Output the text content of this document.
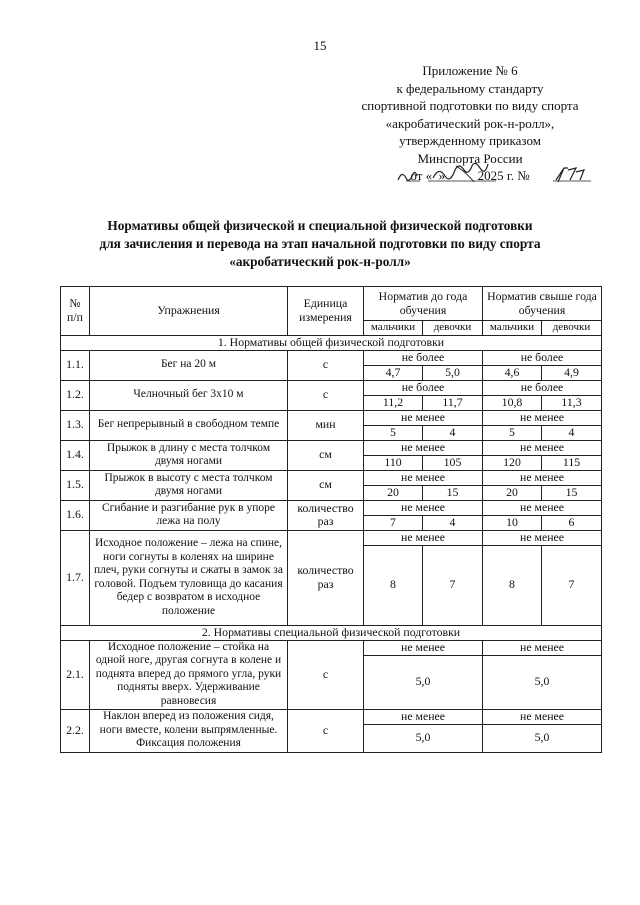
15
Приложение № 6
к федеральному стандарту
спортивной подготовки по виду спорта
«акробатический рок-н-ролл»,
утвержденному приказом
Минспорта России
от «  »          2025 г. №
Нормативы общей физической и специальной физической подготовки
для зачисления и перевода на этап начальной подготовки по виду спорта
«акробатический рок-н-ролл»
№
п/п	Упражнения	Единица измерения	Норматив до года обучения		Норматив свыше года обучения	
			мальчики	девочки	мальчики	девочки
1. Нормативы общей физической подготовки						
1.1.	Бег на 20 м	с	не более		не более	
			4,7	5,0	4,6	4,9
1.2.	Челночный бег 3х10 м	с	не более		не более	
			11,2	11,7	10,8	11,3
1.3.	Бег непрерывный в свободном темпе	мин	не менее		не менее	
			5	4	5	4
1.4.	Прыжок в длину с места толчком двумя ногами	см	не менее		не менее	
			110	105	120	115
1.5.	Прыжок в высоту с места толчком двумя ногами	см	не менее		не менее	
			20	15	20	15
1.6.	Сгибание и разгибание рук в упоре лежа на полу	количество раз	не менее		не менее	
			7	4	10	6
1.7.	Исходное положение – лежа на спине, ноги согнуты в коленях на ширине плеч, руки согнуты и сжаты в замок за головой. Подъем туловища до касания бедер с возвратом в исходное положение	количество раз	не менее		не менее	
			8	7	8	7
2. Нормативы специальной физической подготовки						
2.1.	Исходное положение – стойка на одной ноге, другая согнута в колене и поднята вперед до прямого угла, руки подняты вверх. Удерживание равновесия	с	не менее		не менее	
			5,0		5,0	
2.2.	Наклон вперед из положения сидя, ноги вместе, колени выпрямленные. Фиксация положения	с	не менее		не менее	
			5,0		5,0	
